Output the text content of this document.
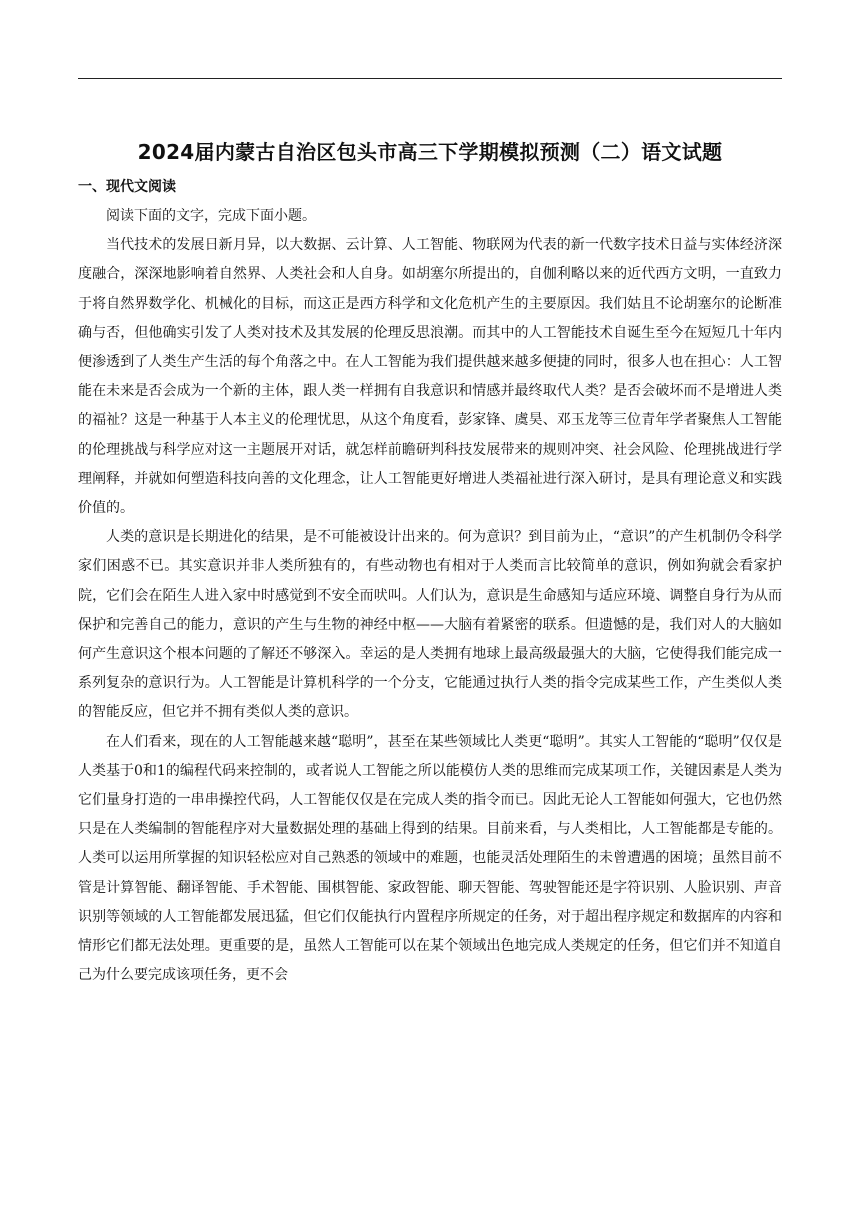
2024届内蒙古自治区包头市高三下学期模拟预测（二）语文试题
一、现代文阅读

阅读下面的文字，完成下面小题。

当代技术的发展日新月异，以大数据、云计算、人工智能、物联网为代表的新一代数字技术日益与实体经济深度融合，深深地影响着自然界、人类社会和人自身。如胡塞尔所提出的，自伽利略以来的近代西方文明，一直致力于将自然界数学化、机械化的目标，而这正是西方科学和文化危机产生的主要原因。我们姑且不论胡塞尔的论断准确与否，但他确实引发了人类对技术及其发展的伦理反思浪潮。而其中的人工智能技术自诞生至今在短短几十年内便渗透到了人类生产生活的每个角落之中。在人工智能为我们提供越来越多便捷的同时，很多人也在担心：人工智能在未来是否会成为一个新的主体，跟人类一样拥有自我意识和情感并最终取代人类？是否会破坏而不是增进人类的福祉？这是一种基于人本主义的伦理忧思，从这个角度看，彭家锋、虞昊、邓玉龙等三位青年学者聚焦人工智能的伦理挑战与科学应对这一主题展开对话，就怎样前瞻研判科技发展带来的规则冲突、社会风险、伦理挑战进行学理阐释，并就如何塑造科技向善的文化理念，让人工智能更好增进人类福祉进行深入研讨，是具有理论意义和实践价值的。

人类的意识是长期进化的结果，是不可能被设计出来的。何为意识？到目前为止，“意识”的产生机制仍令科学家们困惑不已。其实意识并非人类所独有的，有些动物也有相对于人类而言比较简单的意识，例如狗就会看家护院，它们会在陌生人进入家中时感觉到不安全而吠叫。人们认为，意识是生命感知与适应环境、调整自身行为从而保护和完善自己的能力，意识的产生与生物的神经中枢——大脑有着紧密的联系。但遗憾的是，我们对人的大脑如何产生意识这个根本问题的了解还不够深入。幸运的是人类拥有地球上最高级最强大的大脑，它使得我们能完成一系列复杂的意识行为。人工智能是计算机科学的一个分支，它能通过执行人类的指令完成某些工作，产生类似人类的智能反应，但它并不拥有类似人类的意识。

在人们看来，现在的人工智能越来越“聪明”，甚至在某些领域比人类更“聪明”。其实人工智能的“聪明”仅仅是人类基于0和1的编程代码来控制的，或者说人工智能之所以能模仿人类的思维而完成某项工作，关键因素是人类为它们量身打造的一串串操控代码，人工智能仅仅是在完成人类的指令而已。因此无论人工智能如何强大，它也仍然只是在人类编制的智能程序对大量数据处理的基础上得到的结果。目前来看，与人类相比，人工智能都是专能的。人类可以运用所掌握的知识轻松应对自己熟悉的领域中的难题，也能灵活处理陌生的未曾遭遇的困境；虽然目前不管是计算智能、翻译智能、手术智能、围棋智能、家政智能、聊天智能、驾驶智能还是字符识别、人脸识别、声音识别等领域的人工智能都发展迅猛，但它们仅能执行内置程序所规定的任务，对于超出程序规定和数据库的内容和情形它们都无法处理。更重要的是，虽然人工智能可以在某个领域出色地完成人类规定的任务，但它们并不知道自己为什么要完成该项任务，更不会
